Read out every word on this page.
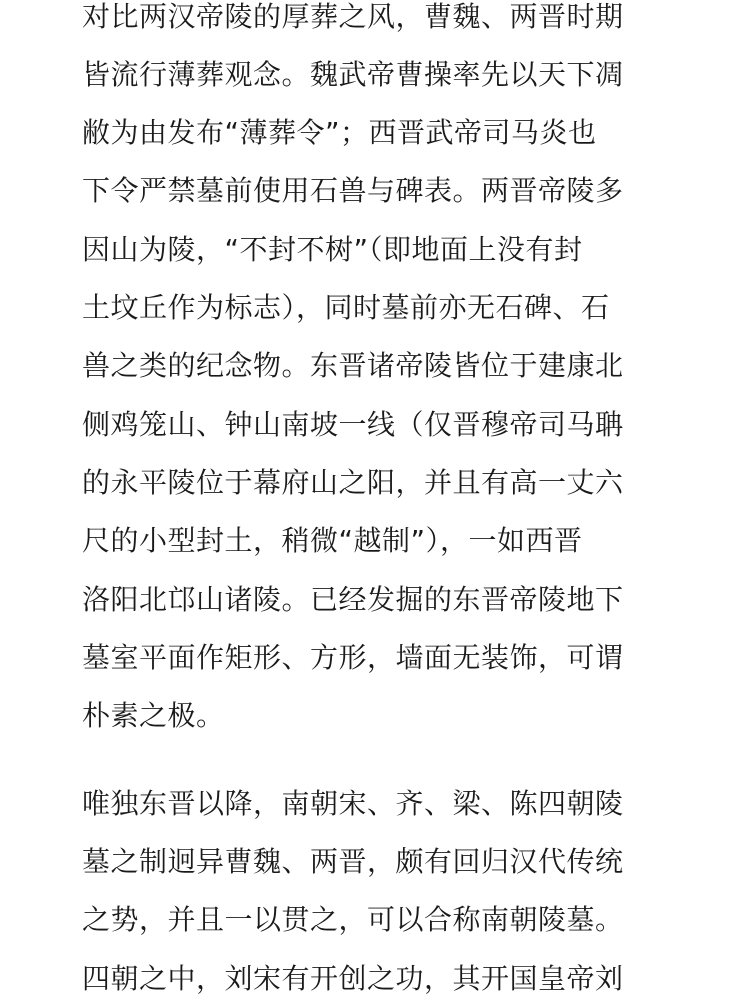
对比两汉帝陵的厚葬之风，曹魏、两晋时期
皆流行薄葬观念。魏武帝曹操率先以天下凋
敝为由发布“薄葬令”；西晋武帝司马炎也
下令严禁墓前使用石兽与碑表。两晋帝陵多
因山为陵，“不封不树”（即地面上没有封
土坟丘作为标志），同时墓前亦无石碑、石
兽之类的纪念物。东晋诸帝陵皆位于建康北
侧鸡笼山、钟山南坡一线（仅晋穆帝司马聃
的永平陵位于幕府山之阳，并且有高一丈六
尺的小型封土，稍微“越制”），一如西晋
洛阳北邙山诸陵。已经发掘的东晋帝陵地下
墓室平面作矩形、方形，墙面无装饰，可谓
朴素之极。
唯独东晋以降，南朝宋、齐、梁、陈四朝陵
墓之制迥异曹魏、两晋，颇有回归汉代传统
之势，并且一以贯之，可以合称南朝陵墓。
四朝之中，刘宋有开创之功，其开国皇帝刘
